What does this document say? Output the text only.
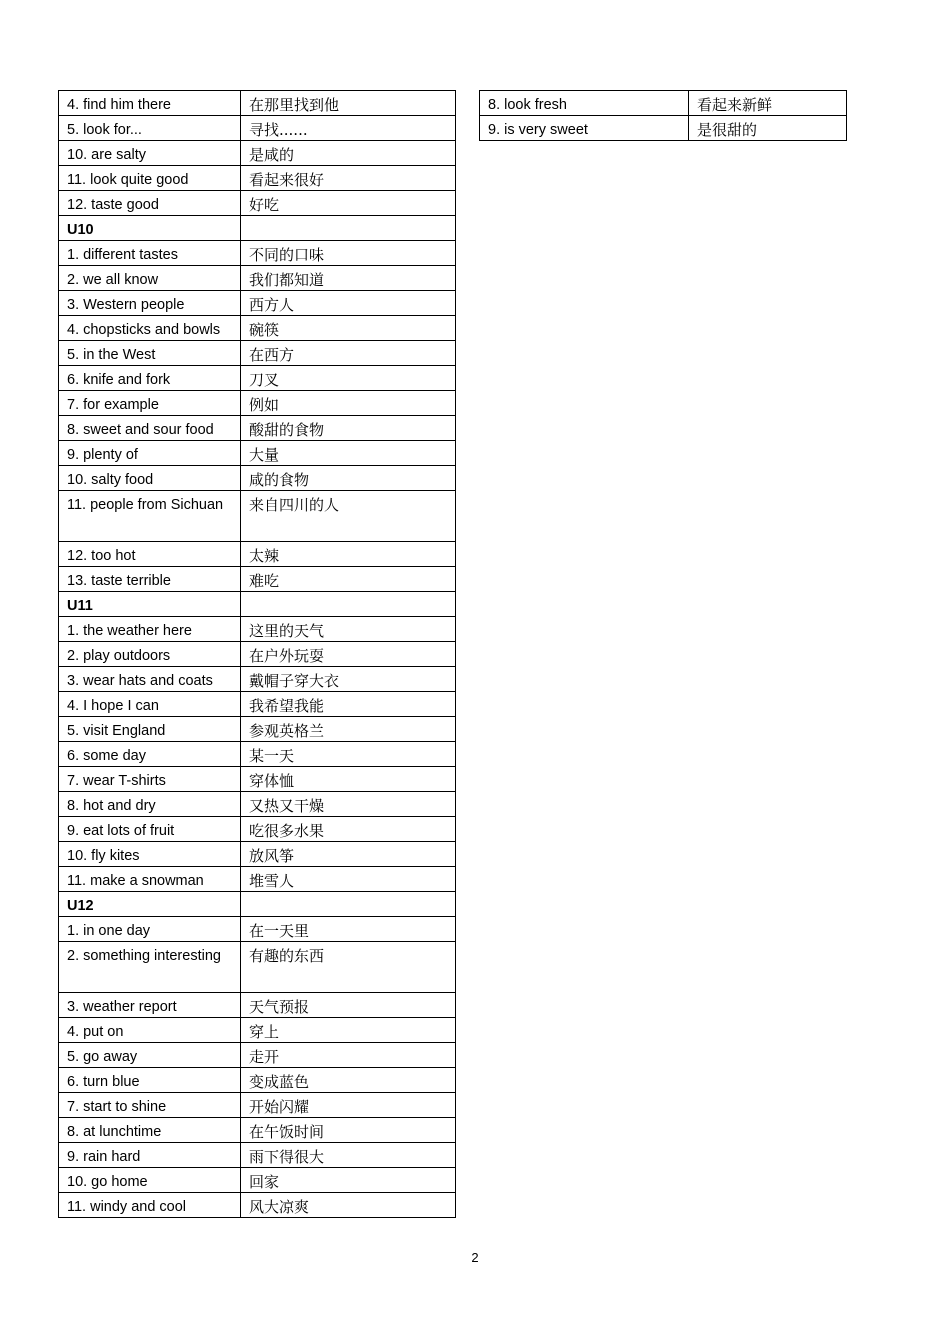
4. find him there	在那里找到他
5. look for...	寻找......
10. are salty	是咸的
11. look quite good	看起来很好
12. taste good	好吃
U10	
1. different tastes	不同的口味
2. we all know	我们都知道
3. Western people	西方人
4. chopsticks and bowls	碗筷
5. in the West	在西方
6. knife and fork	刀叉
7. for example	例如
8. sweet and sour food	酸甜的食物
9. plenty of	大量
10. salty food	咸的食物
11. people from Sichuan	来自四川的人
12. too hot	太辣
13. taste terrible	难吃
U11	
1. the weather here	这里的天气
2. play outdoors	在户外玩耍
3. wear hats and coats	戴帽子穿大衣
4. I hope I can	我希望我能
5. visit England	参观英格兰
6. some day	某一天
7. wear T-shirts	穿体恤
8. hot and dry	又热又干燥
9. eat lots of fruit	吃很多水果
10. fly kites	放风筝
11. make a snowman	堆雪人
U12	
1. in one day	在一天里
2. something interesting	有趣的东西
3. weather report	天气预报
4. put on	穿上
5. go away	走开
6. turn blue	变成蓝色
7. start to shine	开始闪耀
8. at lunchtime	在午饭时间
9. rain hard	雨下得很大
10. go home	回家
11. windy and cool	风大凉爽
8. look fresh	看起来新鲜
9. is very sweet	是很甜的
2
